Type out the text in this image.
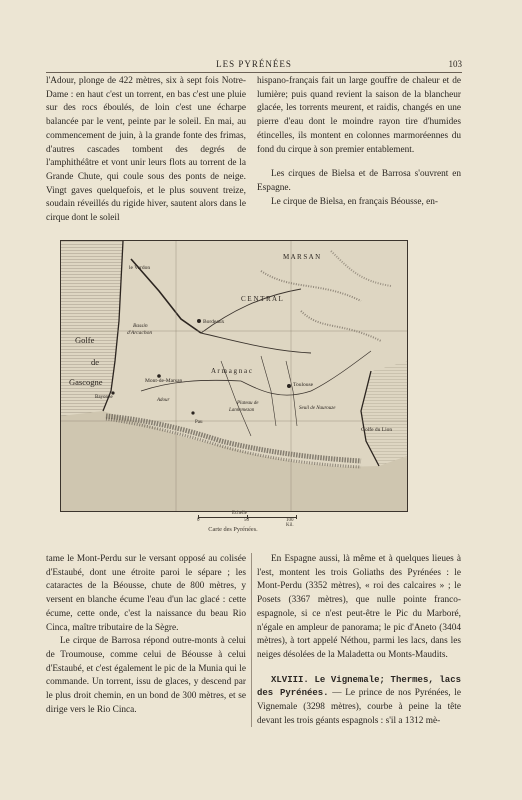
LES PYRÉNÉES	103

l'Adour, plonge de 422 mètres, six à sept fois Notre-Dame : en haut c'est un torrent, en bas c'est une pluie sur des rocs éboulés, de loin c'est une écharpe balancée par le vent, peinte par le soleil. En mai, au commencement de juin, à la grande fonte des frimas, d'autres cascades tombent des degrés de l'amphithéâtre et vont unir leurs flots au torrent de la Grande Chute, qui coule sous des ponts de neige. Vingt gaves quelquefois, et le plus souvent treize, soudain réveillés du rigide hiver, sautent alors dans le cirque dont le soleil

hispano-français fait un large gouffre de chaleur et de lumière; puis quand revient la saison de la blancheur glacée, les torrents meurent, et raidis, changés en une pierre d'eau dont le moindre rayon tire d'humides étincelles, ils montent en colonnes marmoréennes du fond du cirque à son premier entablement.

Les cirques de Bielsa et de Barrosa s'ouvrent en Espagne.

Le cirque de Bielsa, en français Béousse, en-

le Verdon
M A R S A N
C E N T R A L
Bordeaux
Bassin
d'Arcachon
Golfe
de
Gascogne	Mont-de-Marsan
Adour
A r m a g n a c
Toulouse
Plateau de
Lannemezan	Seuil de Naurouze
Golfe du Lion
Bayonne
Pau
Echelle
0	50	100 Kil.
Carte des Pyrénées.

tame le Mont-Perdu sur le versant opposé au colisée d'Estaubé, dont une étroite paroi le sépare ; les cataractes de la Béousse, chute de 800 mètres, y versent en blanche écume l'eau d'un lac glacé : cette écume, cette onde, c'est la naissance du beau Rio Cinca, maître tributaire de la Sègre.

Le cirque de Barrosa répond outre-monts à celui de Troumouse, comme celui de Béousse à celui d'Estaubé, et c'est également le pic de la Munia qui le commande. Un torrent, issu de glaces, y descend par le plus droit chemin, en un bond de 300 mètres, et se dirige vers le Rio Cinca.

En Espagne aussi, là même et à quelques lieues à l'est, montent les trois Goliaths des Pyrénées : le Mont-Perdu (3352 mètres), « roi des calcaires » ; le Posets (3367 mètres), que nulle pointe franco-espagnole, si ce n'est peut-être le Pic du Marboré, n'égale en ampleur de panorama; le pic d'Aneto (3404 mètres), à tort appelé Néthou, parmi les lacs, dans les neiges désolées de la Maladetta ou Monts-Maudits.

XLVIII. Le Vignemale; Thermes, lacs des Pyrénées. — Le prince de nos Pyrénées, le Vignemale (3298 mètres), courbe à peine la tête devant les trois géants espagnols : s'il a 1312 mè-
